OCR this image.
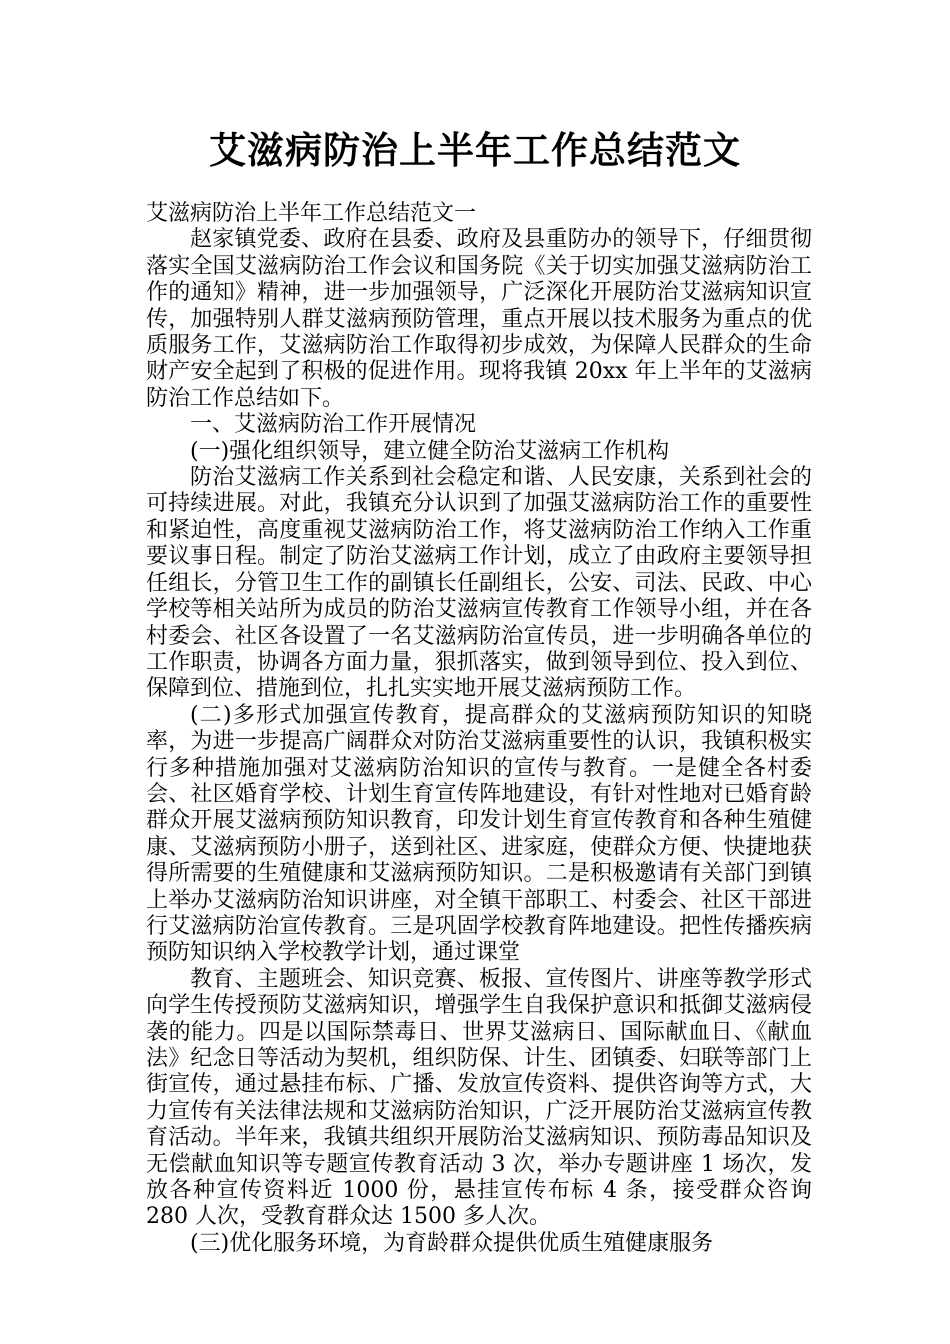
艾滋病防治上半年工作总结范文

艾滋病防治上半年工作总结范文一

赵家镇党委、政府在县委、政府及县重防办的领导下，仔细贯彻落实全国艾滋病防治工作会议和国务院《关于切实加强艾滋病防治工作的通知》精神，进一步加强领导，广泛深化开展防治艾滋病知识宣传，加强特别人群艾滋病预防管理，重点开展以技术服务为重点的优质服务工作，艾滋病防治工作取得初步成效，为保障人民群众的生命财产安全起到了积极的促进作用。现将我镇 20xx 年上半年的艾滋病防治工作总结如下。

一、艾滋病防治工作开展情况

(一)强化组织领导，建立健全防治艾滋病工作机构

防治艾滋病工作关系到社会稳定和谐、人民安康，关系到社会的可持续进展。对此，我镇充分认识到了加强艾滋病防治工作的重要性和紧迫性，高度重视艾滋病防治工作，将艾滋病防治工作纳入工作重要议事日程。制定了防治艾滋病工作计划，成立了由政府主要领导担任组长，分管卫生工作的副镇长任副组长，公安、司法、民政、中心学校等相关站所为成员的防治艾滋病宣传教育工作领导小组，并在各村委会、社区各设置了一名艾滋病防治宣传员，进一步明确各单位的工作职责，协调各方面力量，狠抓落实，做到领导到位、投入到位、保障到位、措施到位，扎扎实实地开展艾滋病预防工作。

(二)多形式加强宣传教育，提高群众的艾滋病预防知识的知晓率，为进一步提高广阔群众对防治艾滋病重要性的认识，我镇积极实行多种措施加强对艾滋病防治知识的宣传与教育。一是健全各村委会、社区婚育学校、计划生育宣传阵地建设，有针对性地对已婚育龄群众开展艾滋病预防知识教育，印发计划生育宣传教育和各种生殖健康、艾滋病预防小册子，送到社区、进家庭，使群众方便、快捷地获得所需要的生殖健康和艾滋病预防知识。二是积极邀请有关部门到镇上举办艾滋病防治知识讲座，对全镇干部职工、村委会、社区干部进行艾滋病防治宣传教育。三是巩固学校教育阵地建设。把性传播疾病预防知识纳入学校教学计划，通过课堂

教育、主题班会、知识竞赛、板报、宣传图片、讲座等教学形式向学生传授预防艾滋病知识，增强学生自我保护意识和抵御艾滋病侵袭的能力。四是以国际禁毒日、世界艾滋病日、国际献血日、《献血法》纪念日等活动为契机，组织防保、计生、团镇委、妇联等部门上街宣传，通过悬挂布标、广播、发放宣传资料、提供咨询等方式，大力宣传有关法律法规和艾滋病防治知识，广泛开展防治艾滋病宣传教育活动。半年来，我镇共组织开展防治艾滋病知识、预防毒品知识及无偿献血知识等专题宣传教育活动 3 次，举办专题讲座 1 场次，发放各种宣传资料近 1000 份，悬挂宣传布标 4 条，接受群众咨询 280 人次，受教育群众达 1500 多人次。

(三)优化服务环境，为育龄群众提供优质生殖健康服务
